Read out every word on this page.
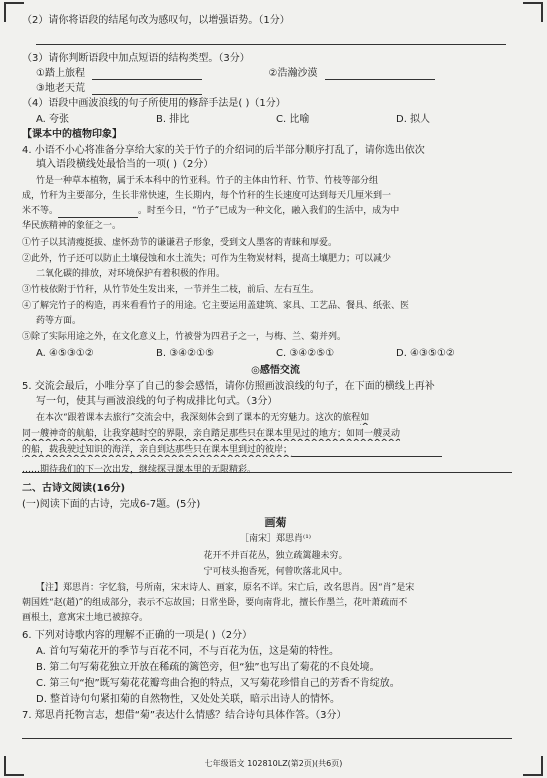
（2）请你将语段的结尾句改为感叹句，以增强语势。（1分）
（3）请你判断语段中加点短语的结构类型。（3分）
①踏上旅程	②浩瀚沙漠
③地老天荒
（4）语段中画波浪线的句子所使用的修辞手法是( )（1分）
A. 夸张	B. 排比	C. 比喻	D. 拟人
【课本中的植物印象】
4. 小语不小心将准备分享给大家的关于竹子的介绍词的后半部分顺序打乱了，请你选出依次
填入语段横线处最恰当的一项( )（2分）
竹是一种草本植物，属于禾本科中的竹亚科。竹子的主体由竹秆、竹节、竹枝等部分组
成，竹秆为主要部分，生长非常快速，生长期内，每个竹秆的生长速度可达到每天几厘米到一
米不等。	。时至今日，“竹子”已成为一种文化，融入我们的生活中，成为中
华民族精神的象征之一。
①竹子以其清瘦挺拔、虚怀劲节的谦谦君子形象，受到文人墨客的青睐和厚爱。
②此外，竹子还可以防止土壤侵蚀和水土流失；可作为生物炭材料，提高土壤肥力；可以减少
二氧化碳的排放，对环境保护有着积极的作用。
③竹枝依附于竹秆，从竹节处生发出来，一节并生二枝，前后、左右互生。
④了解完竹子的构造，再来看看竹子的用途。它主要运用盖建筑、家具、工艺品、餐具、纸张、医
药等方面。
⑤除了实际用途之外，在文化意义上，竹被誉为四君子之一，与梅、兰、菊并列。
A. ④⑤③①②	B. ③④②①⑤	C. ③④②⑤①	D. ④③⑤①②
◎感悟交流
5. 交流会最后，小唯分享了自己的参会感悟，请你仿照画波浪线的句子，在下面的横线上再补
写一句，使其与画波浪线的句子构成排比句式。（3分）
在本次“跟着课本去旅行”交流会中，我深刻体会到了课本的无穷魅力。这次的旅程如
同一艘神奇的航船，让我穿越时空的界限，亲自踏足那些只在课本里见过的地方；如同一艘灵动
的船，载我驶过知识的海洋，亲自到达那些只在课本里到过的彼岸；
……期待我们的下一次出发，继续探寻课本里的无限精彩。
二、古诗文阅读(16分)
(一)阅读下面的古诗，完成6-7题。(5分)
画菊
［南宋］郑思肖⁽¹⁾
花开不并百花丛，独立疏篱趣未穷。
宁可枝头抱香死，何曾吹落北风中。
【注】郑思肖：字忆翁，号所南，宋末诗人、画家，原名不详。宋亡后，改名思肖。因“肖”是宋
朝国姓“赵(趙)”的组成部分，表示不忘故国；日常坐卧，要向南背北，擅长作墨兰，花叶萧疏而不
画根土，意寓宋土地已被掠夺。
6. 下列对诗歌内容的理解不正确的一项是( )（2分）
A. 首句写菊花开的季节与百花不同，不与百花为伍，这是菊的特性。
B. 第二句写菊花独立开放在稀疏的篱笆旁，但“独”也写出了菊花的不良处境。
C. 第三句“抱”既写菊花花瓣弯曲合抱的特点，又写菊花珍惜自己的芳香不肯绽放。
D. 整首诗句句紧扣菊的自然物性，又处处关联，暗示出诗人的情怀。
7. 郑思肖托物言志，想借“菊”表达什么情感？结合诗句具体作答。（3分）
七年级语文 102810LZ(第2页)(共6页)
